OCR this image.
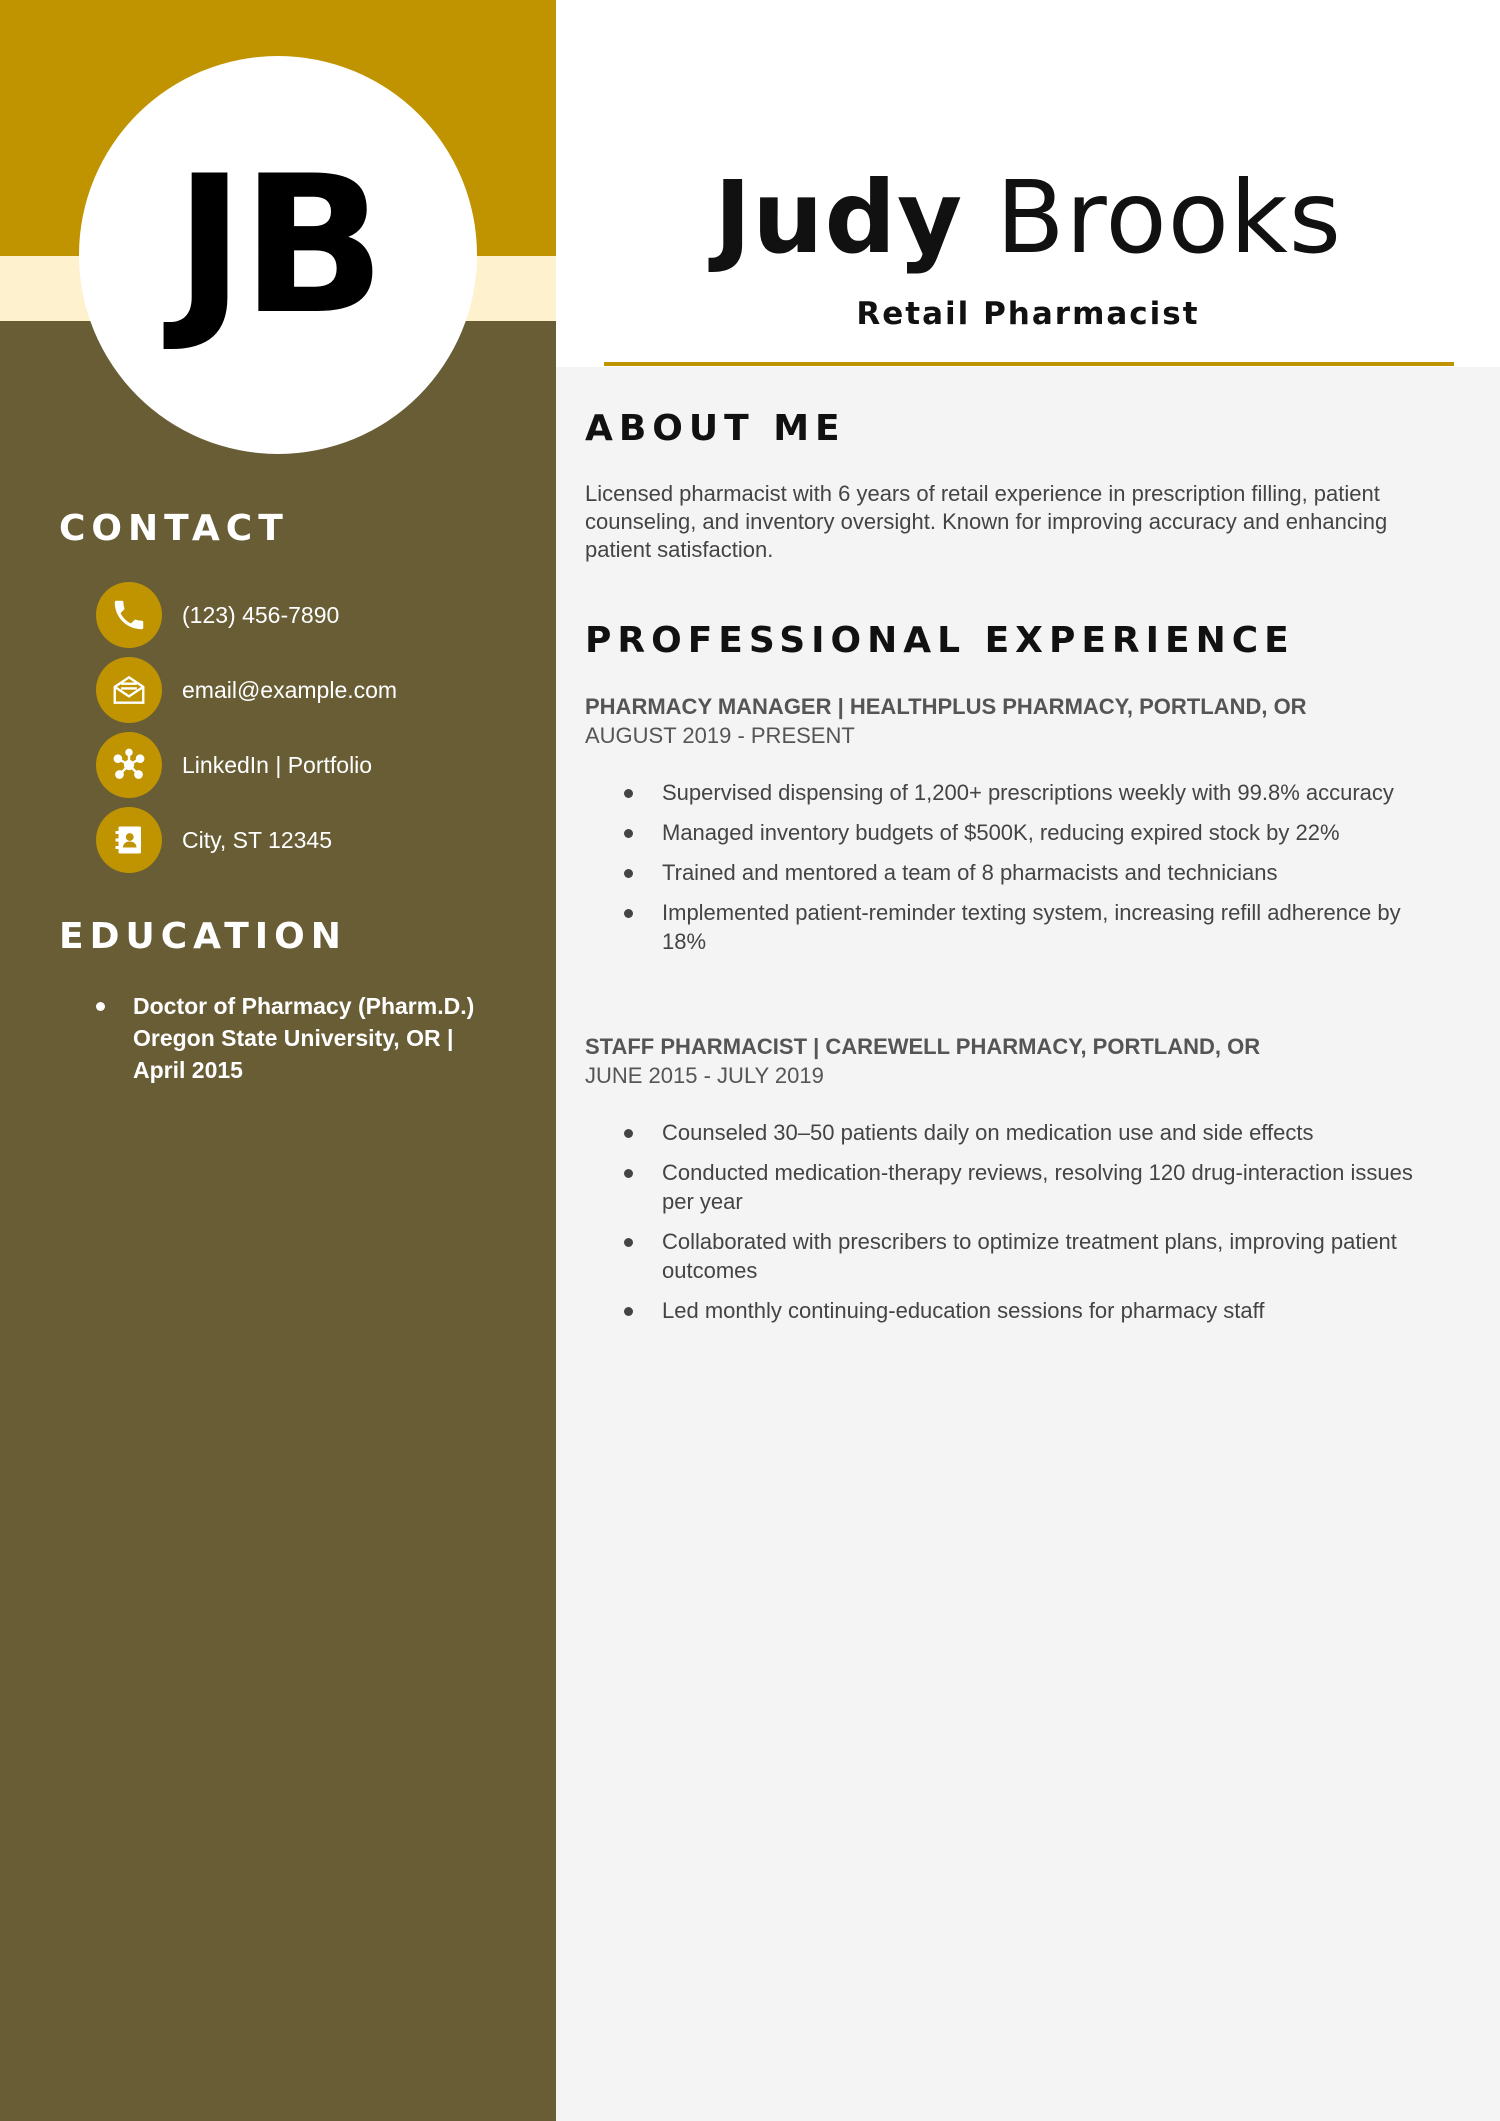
JB
CONTACT
(123) 456-7890
email@example.com
LinkedIn | Portfolio
City, ST 12345
EDUCATION
Doctor of Pharmacy (Pharm.D.)
Oregon State University, OR |
April 2015
Judy Brooks
Retail Pharmacist
ABOUT ME

Licensed pharmacist with 6 years of retail experience in prescription filling, patient counseling, and inventory oversight. Known for improving accuracy and enhancing patient satisfaction.

PROFESSIONAL EXPERIENCE
PHARMACY MANAGER | HEALTHPLUS PHARMACY, PORTLAND, OR
AUGUST 2019 - PRESENT
Supervised dispensing of 1,200+ prescriptions weekly with 99.8% accuracy
Managed inventory budgets of $500K, reducing expired stock by 22%
Trained and mentored a team of 8 pharmacists and technicians
Implemented patient-reminder texting system, increasing refill adherence by 18%
STAFF PHARMACIST | CAREWELL PHARMACY, PORTLAND, OR
JUNE 2015 - JULY 2019
Counseled 30–50 patients daily on medication use and side effects
Conducted medication-therapy reviews, resolving 120 drug-interaction issues per year
Collaborated with prescribers to optimize treatment plans, improving patient outcomes
Led monthly continuing-education sessions for pharmacy staff
